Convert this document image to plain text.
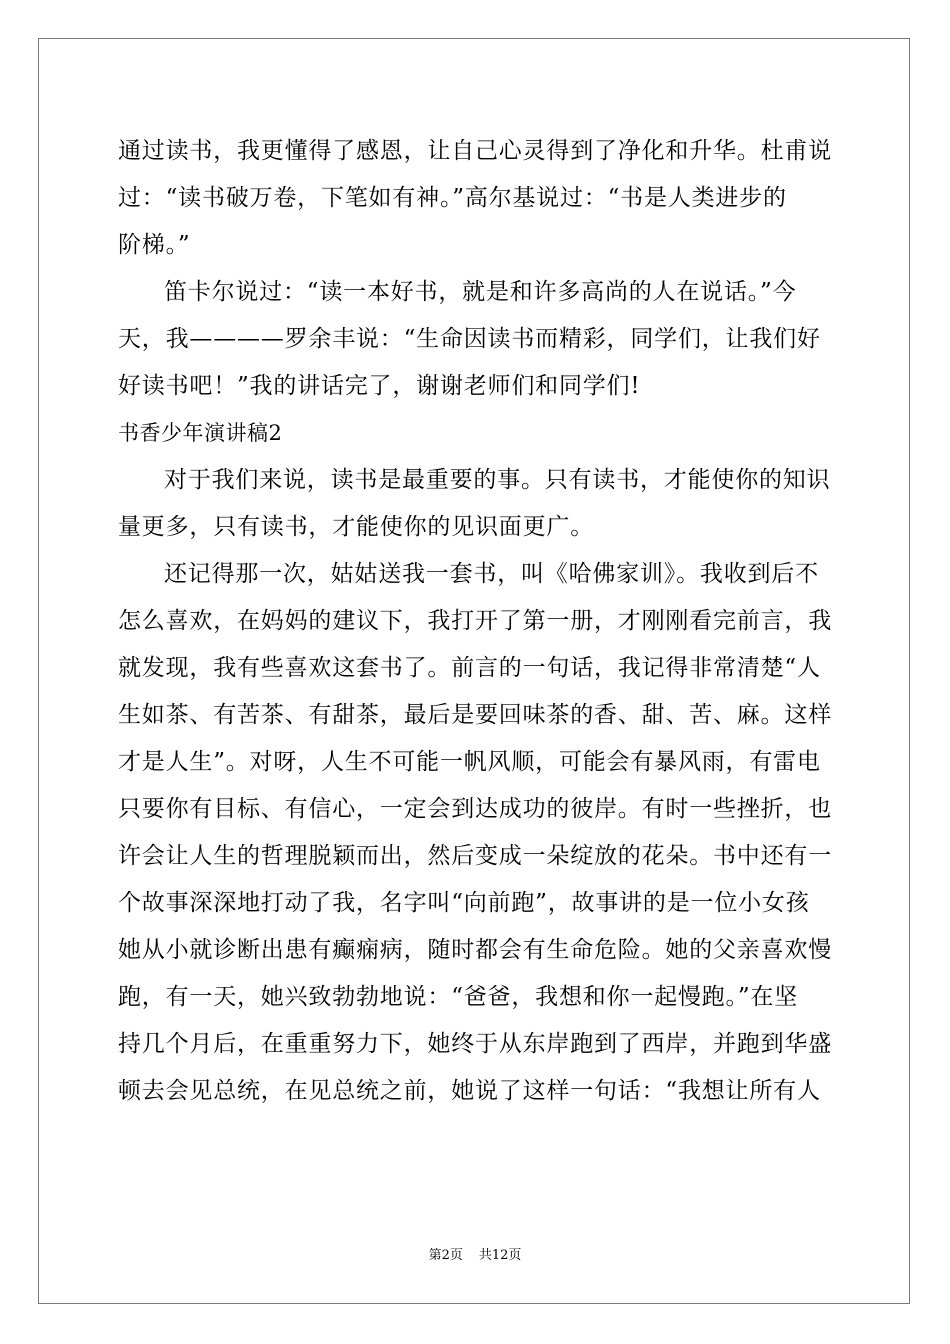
通过读书，我更懂得了感恩，让自己心灵得到了净化和升华。杜甫说
过：“读书破万卷，下笔如有神。”高尔基说过：“书是人类进步的
阶梯。”
笛卡尔说过：“读一本好书，就是和许多高尚的人在说话。”今
天，我————罗余丰说：“生命因读书而精彩，同学们，让我们好
好读书吧！”我的讲话完了，谢谢老师们和同学们!
书香少年演讲稿2
对于我们来说，读书是最重要的事。只有读书，才能使你的知识
量更多，只有读书，才能使你的见识面更广。
还记得那一次，姑姑送我一套书，叫《哈佛家训》。我收到后不
怎么喜欢，在妈妈的建议下，我打开了第一册，才刚刚看完前言，我
就发现，我有些喜欢这套书了。前言的一句话，我记得非常清楚“人
生如茶、有苦茶、有甜茶，最后是要回味茶的香、甜、苦、麻。这样
才是人生”。对呀，人生不可能一帆风顺，可能会有暴风雨，有雷电
只要你有目标、有信心，一定会到达成功的彼岸。有时一些挫折，也
许会让人生的哲理脱颖而出，然后变成一朵绽放的花朵。书中还有一
个故事深深地打动了我，名字叫“向前跑”，故事讲的是一位小女孩
她从小就诊断出患有癫痫病，随时都会有生命危险。她的父亲喜欢慢
跑，有一天，她兴致勃勃地说：“爸爸，我想和你一起慢跑。”在坚
持几个月后，在重重努力下，她终于从东岸跑到了西岸，并跑到华盛
顿去会见总统，在见总统之前，她说了这样一句话：“我想让所有人
第2页 共12页
